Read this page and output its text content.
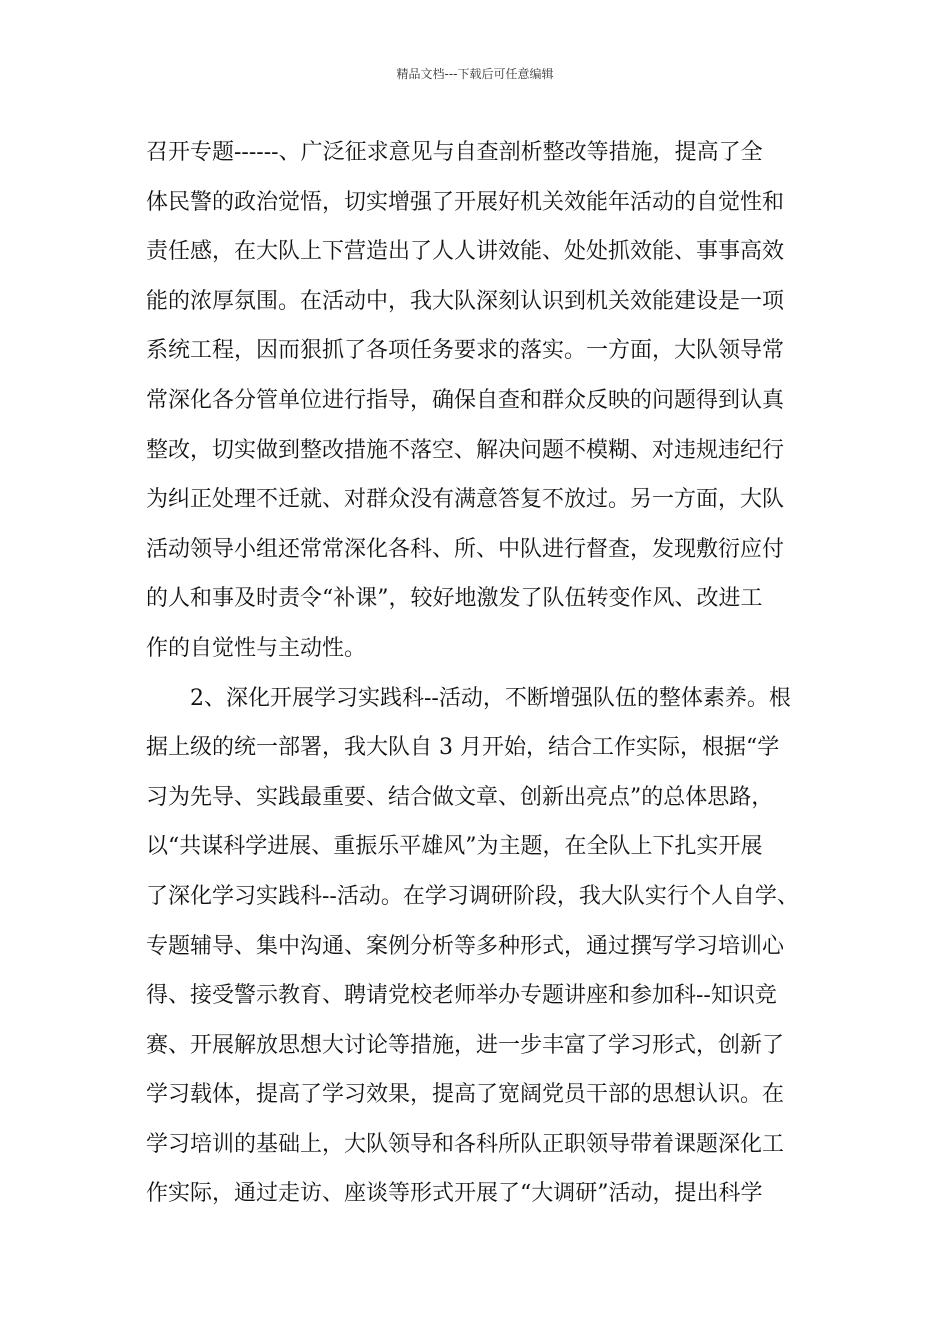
精品文档---下载后可任意编辑
召开专题------、广泛征求意见与自查剖析整改等措施，提高了全
体民警的政治觉悟，切实增强了开展好机关效能年活动的自觉性和
责任感，在大队上下营造出了人人讲效能、处处抓效能、事事高效
能的浓厚氛围。在活动中，我大队深刻认识到机关效能建设是一项
系统工程，因而狠抓了各项任务要求的落实。一方面，大队领导常
常深化各分管单位进行指导，确保自查和群众反映的问题得到认真
整改，切实做到整改措施不落空、解决问题不模糊、对违规违纪行
为纠正处理不迁就、对群众没有满意答复不放过。另一方面，大队
活动领导小组还常常深化各科、所、中队进行督查，发现敷衍应付
的人和事及时责令“补课”，较好地激发了队伍转变作风、改进工
作的自觉性与主动性。
2、深化开展学习实践科--活动，不断增强队伍的整体素养。根
据上级的统一部署，我大队自 3 月开始，结合工作实际，根据“学
习为先导、实践最重要、结合做文章、创新出亮点”的总体思路，
以“共谋科学进展、重振乐平雄风”为主题，在全队上下扎实开展
了深化学习实践科--活动。在学习调研阶段，我大队实行个人自学、
专题辅导、集中沟通、案例分析等多种形式，通过撰写学习培训心
得、接受警示教育、聘请党校老师举办专题讲座和参加科--知识竞
赛、开展解放思想大讨论等措施，进一步丰富了学习形式，创新了
学习载体，提高了学习效果，提高了宽阔党员干部的思想认识。在
学习培训的基础上，大队领导和各科所队正职领导带着课题深化工
作实际，通过走访、座谈等形式开展了“大调研”活动，提出科学
